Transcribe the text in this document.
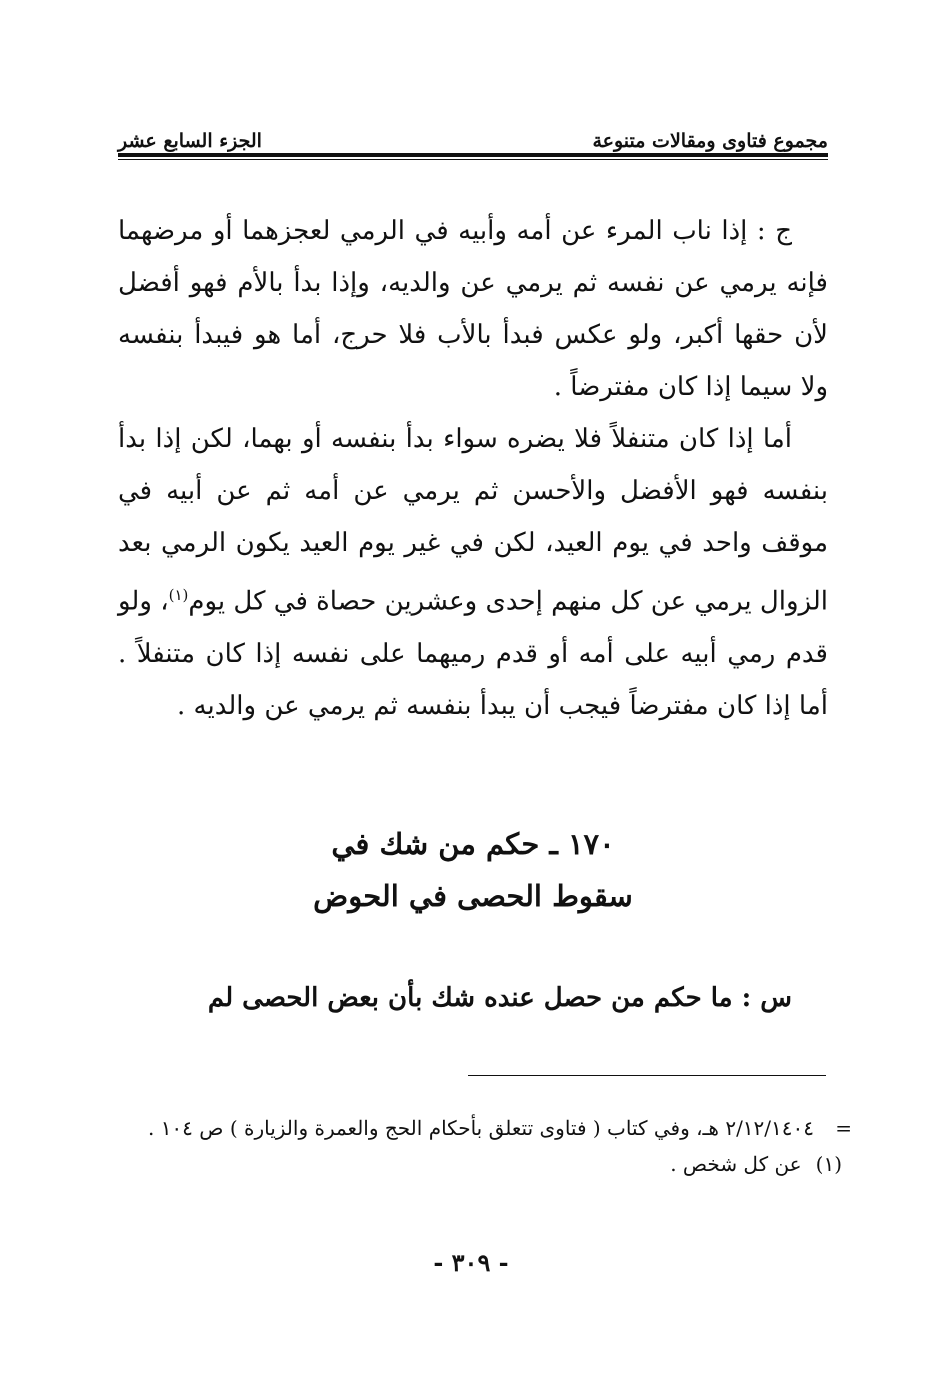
مجموع فتاوى ومقالات متنوعة
الجزء السابع عشر

ج : إذا ناب المرء عن أمه وأبيه في الرمي لعجزهما أو مرضهما فإنه يرمي عن نفسه ثم يرمي عن والديه، وإذا بدأ بالأم فهو أفضل لأن حقها أكبر، ولو عكس فبدأ بالأب فلا حرج، أما هو فيبدأ بنفسه ولا سيما إذا كان مفترضاً .

أما إذا كان متنفلاً فلا يضره سواء بدأ بنفسه أو بهما، لكن إذا بدأ بنفسه فهو الأفضل والأحسن ثم يرمي عن أمه ثم عن أبيه في موقف واحد في يوم العيد، لكن في غير يوم العيد يكون الرمي بعد الزوال يرمي عن كل منهم إحدى وعشرين حصاة في كل يوم$^{(١)}$، ولو قدم رمي أبيه على أمه أو قدم رميهما على نفسه إذا كان متنفلاً . أما إذا كان مفترضاً فيجب أن يبدأ بنفسه ثم يرمي عن والديه .

١٧٠ ـ حكم من شك في
سقوط الحصى في الحوض
س : ما حكم من حصل عنده شك بأن بعض الحصى لم
=
٢/١٢/١٤٠٤ هـ، وفي كتاب ( فتاوى تتعلق بأحكام الحج والعمرة والزيارة ) ص ١٠٤ .
(١)
عن كل شخص .
- ٣٠٩ -
